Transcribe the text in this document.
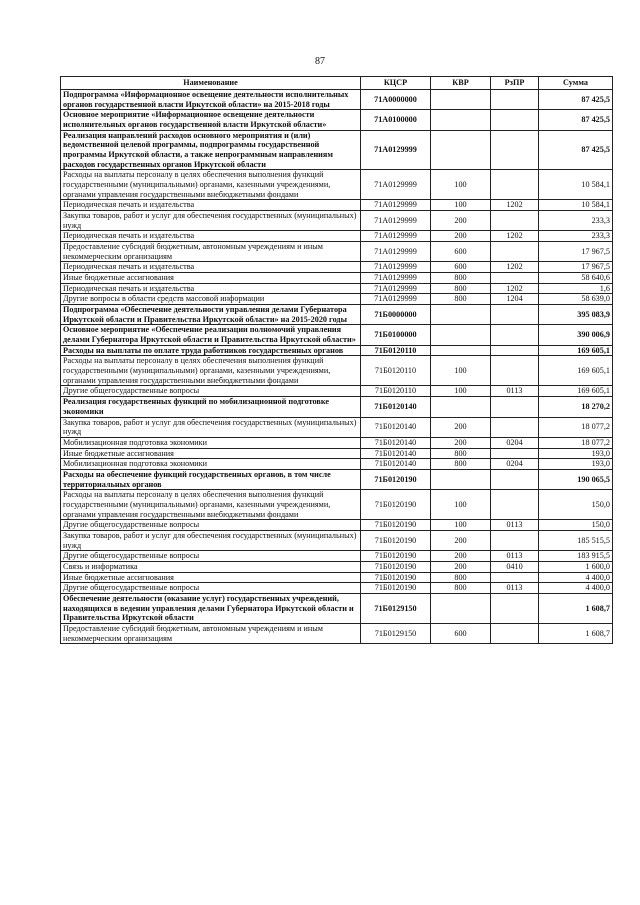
87
Наименование	КЦСР	КВР	РзПР	Сумма
Подпрограмма «Информационное освещение деятельности исполнительных органов государственной власти Иркутской области» на 2015-2018 годы	71А0000000			87 425,5
Основное мероприятие «Информационное освещение деятельности исполнительных органов государственной власти Иркутской области»	71А0100000			87 425,5
Реализация направлений расходов основного мероприятия и (или) ведомственной целевой программы, подпрограммы государственной программы Иркутской области, а также непрограммным направлениям расходов государственных органов Иркутской области	71А0129999			87 425,5
Расходы на выплаты персоналу в целях обеспечения выполнения функций государственными (муниципальными) органами, казенными учреждениями, органами управления государственными внебюджетными фондами	71А0129999	100		10 584,1
Периодическая печать и издательства	71А0129999	100	1202	10 584,1
Закупка товаров, работ и услуг для обеспечения государственных (муниципальных) нужд	71А0129999	200		233,3
Периодическая печать и издательства	71А0129999	200	1202	233,3
Предоставление субсидий бюджетным, автономным учреждениям и иным некоммерческим организациям	71А0129999	600		17 967,5
Периодическая печать и издательства	71А0129999	600	1202	17 967,5
Иные бюджетные ассигнования	71А0129999	800		58 640,6
Периодическая печать и издательства	71А0129999	800	1202	1,6
Другие вопросы в области средств массовой информации	71А0129999	800	1204	58 639,0
Подпрограмма «Обеспечение деятельности управления делами Губернатора Иркутской области и Правительства Иркутской области» на 2015-2020 годы	71Б0000000			395 083,9
Основное мероприятие «Обеспечение реализации полномочий управления делами Губернатора Иркутской области и Правительства Иркутской области»	71Б0100000			390 006,9
Расходы на выплаты по оплате труда работников государственных органов	71Б0120110			169 605,1
Расходы на выплаты персоналу в целях обеспечения выполнения функций государственными (муниципальными) органами, казенными учреждениями, органами управления государственными внебюджетными фондами	71Б0120110	100		169 605,1
Другие общегосударственные вопросы	71Б0120110	100	0113	169 605,1
Реализация государственных функций по мобилизационной подготовке экономики	71Б0120140			18 270,2
Закупка товаров, работ и услуг для обеспечения государственных (муниципальных) нужд	71Б0120140	200		18 077,2
Мобилизационная подготовка экономики	71Б0120140	200	0204	18 077,2
Иные бюджетные ассигнования	71Б0120140	800		193,0
Мобилизационная подготовка экономики	71Б0120140	800	0204	193,0
Расходы на обеспечение функций государственных органов, в том числе территориальных органов	71Б0120190			190 065,5
Расходы на выплаты персоналу в целях обеспечения выполнения функций государственными (муниципальными) органами, казенными учреждениями, органами управления государственными внебюджетными фондами	71Б0120190	100		150,0
Другие общегосударственные вопросы	71Б0120190	100	0113	150,0
Закупка товаров, работ и услуг для обеспечения государственных (муниципальных) нужд	71Б0120190	200		185 515,5
Другие общегосударственные вопросы	71Б0120190	200	0113	183 915,5
Связь и информатика	71Б0120190	200	0410	1 600,0
Иные бюджетные ассигнования	71Б0120190	800		4 400,0
Другие общегосударственные вопросы	71Б0120190	800	0113	4 400,0
Обеспечение деятельности (оказание услуг) государственных учреждений, находящихся в ведении управления делами Губернатора Иркутской области и Правительства Иркутской области	71Б0129150			1 608,7
Предоставление субсидий бюджетным, автономным учреждениям и иным некоммерческим организациям	71Б0129150	600		1 608,7
